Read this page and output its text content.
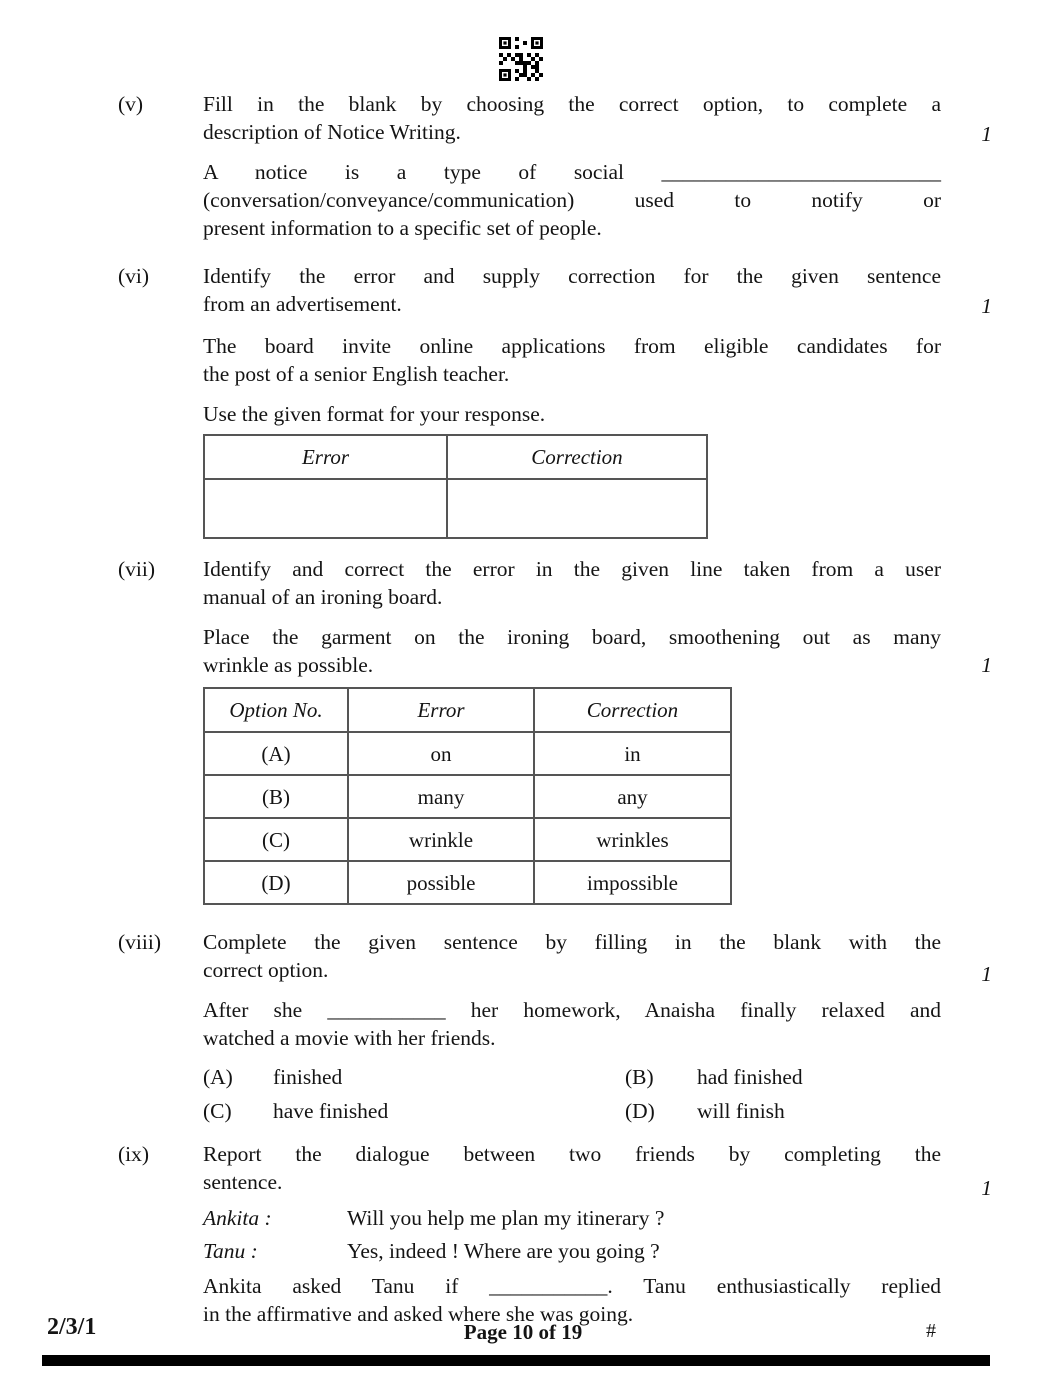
(v)	Fill in the blank by choosing the correct option, to complete a
description of Notice Writing.
A notice is a type of social __________________________
(conversation/conveyance/communication) used to notify or
present information to a specific set of people.
1
(vi)	Identify the error and supply correction for the given sentence
from an advertisement.
The board invite online applications from eligible candidates for
the post of a senior English teacher.
Use the given format for your response.
Error	Correction

1
(vii)	Identify and correct the error in the given line taken from a user
manual of an ironing board.
Place the garment on the ironing board, smoothening out as many
wrinkle as possible.
Option No.	Error	Correction
(A)	on	in
(B)	many	any
(C)	wrinkle	wrinkles
(D)	possible	impossible
1
(viii)	Complete the given sentence by filling in the blank with the
correct option.
After she ___________ her homework, Anaisha finally relaxed and
watched a movie with her friends.
(A)	finished	(B)	had finished
(C)	have finished	(D)	will finish
1
(ix)	Report the dialogue between two friends by completing the
sentence.
Ankita :	Will you help me plan my itinerary ?
Tanu :	Yes, indeed ! Where are you going ?
Ankita asked Tanu if ___________. Tanu enthusiastically replied
in the affirmative and asked where she was going.
1
2/3/1	Page 10 of 19	#
